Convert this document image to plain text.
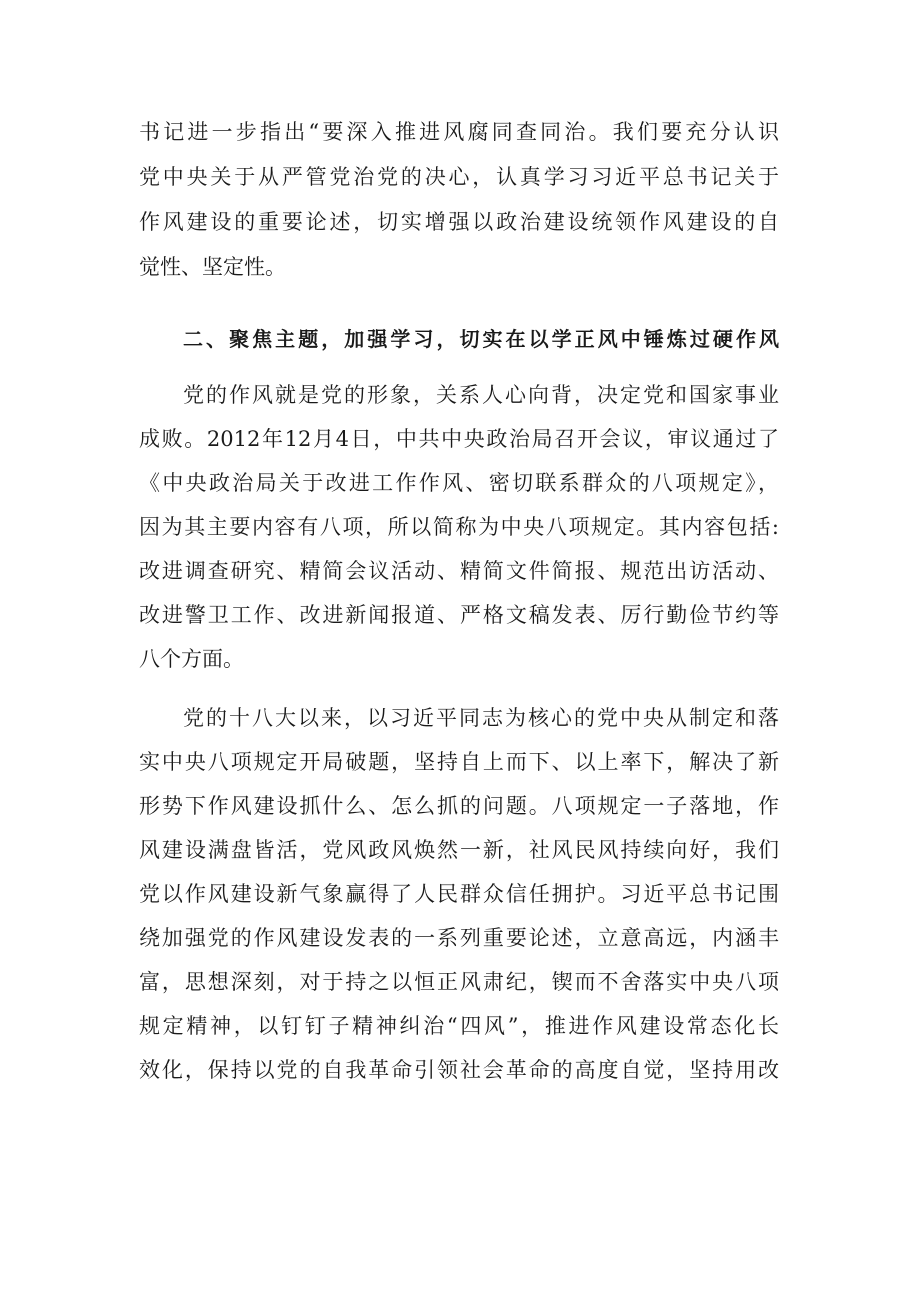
书记进一步指出“要深入推进风腐同查同治。我们要充分认识
党中央关于从严管党治党的决心，认真学习习近平总书记关于
作风建设的重要论述，切实增强以政治建设统领作风建设的自
觉性、坚定性。
二、聚焦主题，加强学习，切实在以学正风中锤炼过硬作风
党的作风就是党的形象，关系人心向背，决定党和国家事业
成败。2012年12月4日，中共中央政治局召开会议，审议通过了
《中央政治局关于改进工作作风、密切联系群众的八项规定》，
因为其主要内容有八项，所以简称为中央八项规定。其内容包括:
改进调查研究、精简会议活动、精简文件简报、规范出访活动、
改进警卫工作、改进新闻报道、严格文稿发表、厉行勤俭节约等
八个方面。
党的十八大以来，以习近平同志为核心的党中央从制定和落
实中央八项规定开局破题，坚持自上而下、以上率下，解决了新
形势下作风建设抓什么、怎么抓的问题。八项规定一子落地，作
风建设满盘皆活，党风政风焕然一新，社风民风持续向好，我们
党以作风建设新气象赢得了人民群众信任拥护。习近平总书记围
绕加强党的作风建设发表的一系列重要论述，立意高远，内涵丰
富，思想深刻，对于持之以恒正风肃纪，锲而不舍落实中央八项
规定精神，以钉钉子精神纠治“四风”，推进作风建设常态化长
效化，保持以党的自我革命引领社会革命的高度自觉，坚持用改
